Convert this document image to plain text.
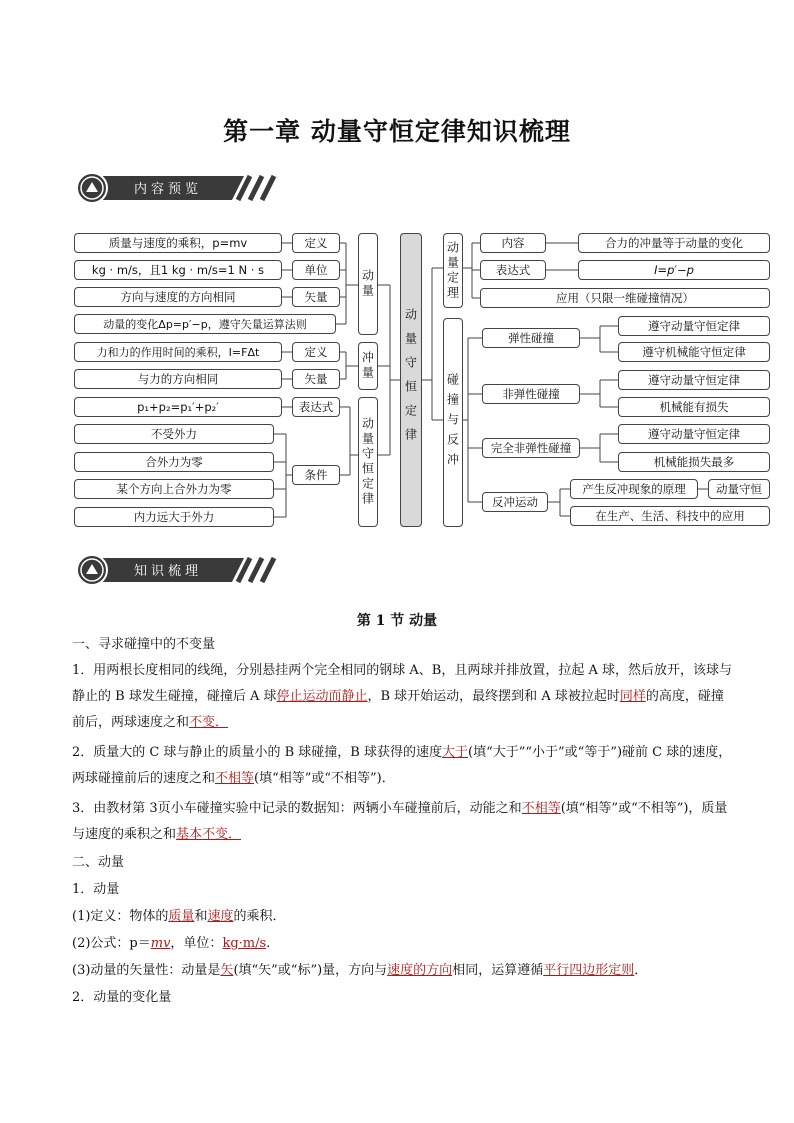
第一章 动量守恒定律知识梳理
内容预览
质量与速度的乘积，p=mv
kg · m/s，且1 kg · m/s=1 N · s
方向与速度的方向相同
动量的变化Δp=p′−p，遵守矢量运算法则
力和力的作用时间的乘积，I=FΔt
与力的方向相同
p₁+p₂=p₁′+p₂′
不受外力
合外力为零
某个方向上合外力为零
内力远大于外力
定义
单位
矢量
定义
矢量
表达式
条件
动量
冲量
动量守恒定律
动量守恒定律
动量定理
碰撞与反冲
内容
表达式
应用（只限一维碰撞情况）
合力的冲量等于动量的变化
I=p′−p
弹性碰撞
非弹性碰撞
完全非弹性碰撞
反冲运动
遵守动量守恒定律
遵守机械能守恒定律
遵守动量守恒定律
机械能有损失
遵守动量守恒定律
机械能损失最多
产生反冲现象的原理	动量守恒
在生产、生活、科技中的应用
知识梳理
第 1 节 动量
一、寻求碰撞中的不变量
1．用两根长度相同的线绳，分别悬挂两个完全相同的钢球 A、B，且两球并排放置，拉起 A 球，然后放开，该球与静止的 B 球发生碰撞，碰撞后 A 球停止运动而静止，B 球开始运动，最终摆到和 A 球被拉起时同样的高度，碰撞前后，两球速度之和不变．
2．质量大的 C 球与静止的质量小的 B 球碰撞，B 球获得的速度大于(填“大于”“小于”或“等于”)碰前 C 球的速度，两球碰撞前后的速度之和不相等(填“相等”或“不相等”)．
3．由教材第 3页小车碰撞实验中记录的数据知：两辆小车碰撞前后，动能之和不相等(填“相等”或“不相等”)，质量与速度的乘积之和基本不变．
二、动量
1．动量
(1)定义：物体的质量和速度的乘积．
(2)公式：p＝mv，单位：kg·m/s.
(3)动量的矢量性：动量是矢(填“矢”或“标”)量，方向与速度的方向相同，运算遵循平行四边形定则．
2．动量的变化量
